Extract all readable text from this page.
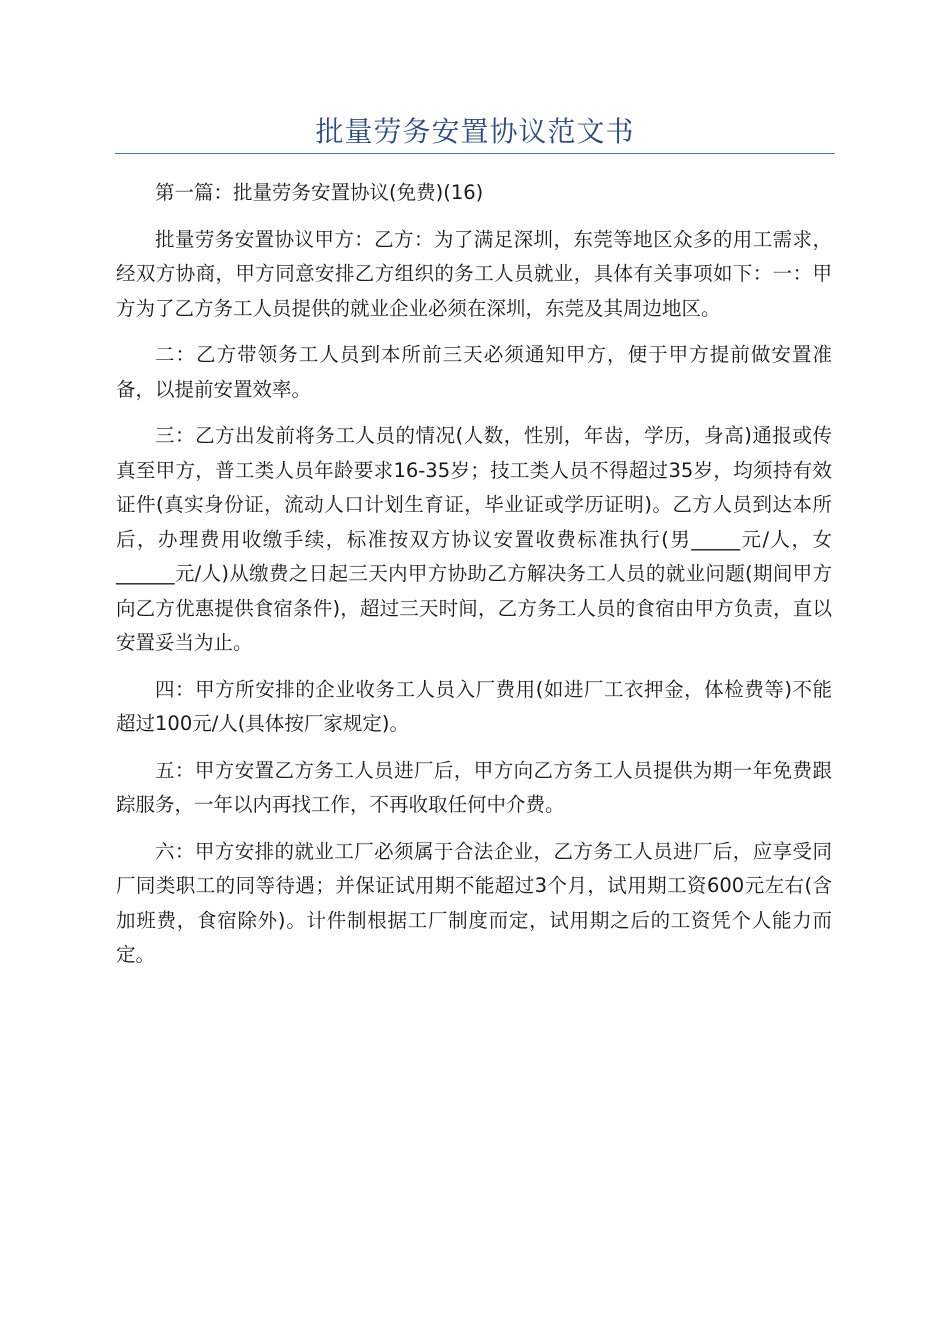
批量劳务安置协议范文书

第一篇：批量劳务安置协议(免费)(16)

批量劳务安置协议甲方：乙方：为了满足深圳，东莞等地区众多的用工需求，经双方协商，甲方同意安排乙方组织的务工人员就业，具体有关事项如下：一：甲方为了乙方务工人员提供的就业企业必须在深圳，东莞及其周边地区。

二：乙方带领务工人员到本所前三天必须通知甲方，便于甲方提前做安置准备，以提前安置效率。

三：乙方出发前将务工人员的情况(人数，性别，年齿，学历，身高)通报或传真至甲方，普工类人员年龄要求16-35岁；技工类人员不得超过35岁，均须持有效证件(真实身份证，流动人口计划生育证，毕业证或学历证明)。乙方人员到达本所后，办理费用收缴手续，标准按双方协议安置收费标准执行(男_____元/人，女______元/人)从缴费之日起三天内甲方协助乙方解决务工人员的就业问题(期间甲方向乙方优惠提供食宿条件)，超过三天时间，乙方务工人员的食宿由甲方负责，直以安置妥当为止。

四：甲方所安排的企业收务工人员入厂费用(如进厂工衣押金，体检费等)不能超过100元/人(具体按厂家规定)。

五：甲方安置乙方务工人员进厂后，甲方向乙方务工人员提供为期一年免费跟踪服务，一年以内再找工作，不再收取任何中介费。

六：甲方安排的就业工厂必须属于合法企业，乙方务工人员进厂后，应享受同厂同类职工的同等待遇；并保证试用期不能超过3个月，试用期工资600元左右(含加班费，食宿除外)。计件制根据工厂制度而定，试用期之后的工资凭个人能力而定。
